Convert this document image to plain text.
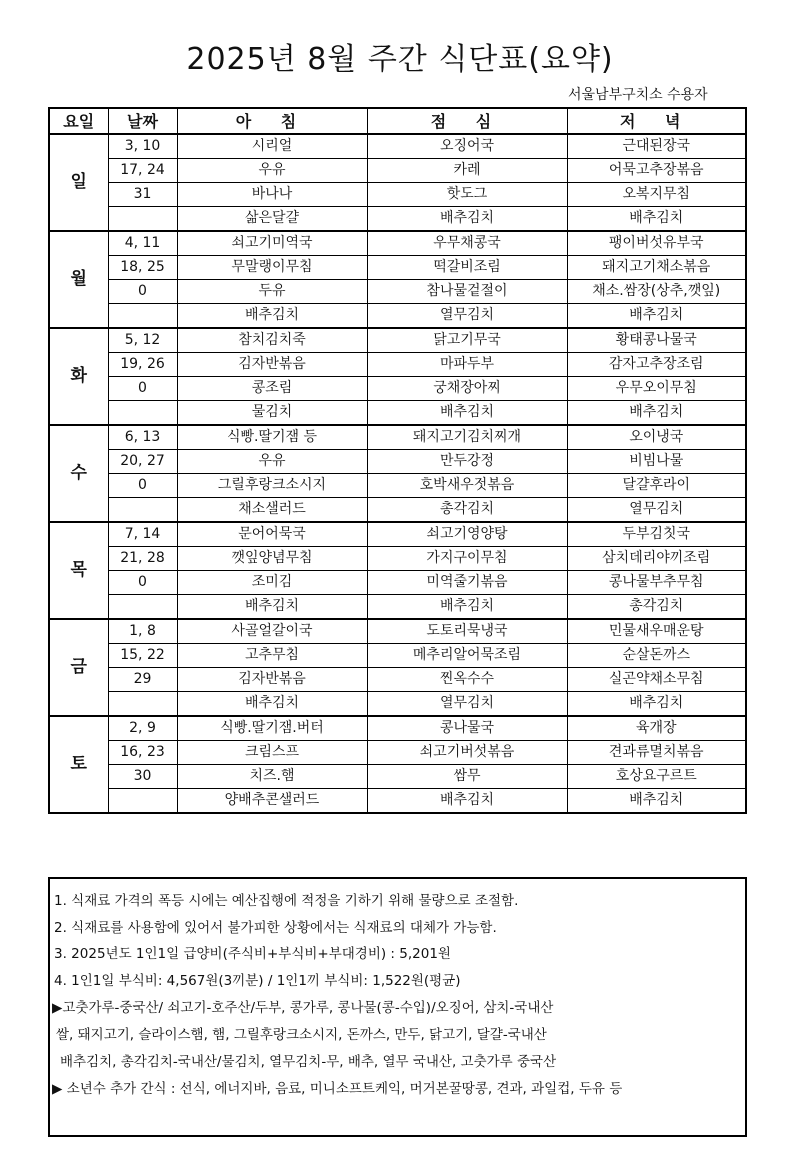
2025년 8월 주간 식단표(요약)
서울남부구치소 수용자
요일	날짜	아 침	점 심	저 녁
일	3, 10	시리얼	오징어국	근대된장국
	17, 24	우유	카레	어묵고추장볶음
	31	바나나	핫도그	오복지무침
		삶은달걀	배추김치	배추김치
월	4, 11	쇠고기미역국	우무채콩국	팽이버섯유부국
	18, 25	무말랭이무침	떡갈비조림	돼지고기채소볶음
	0	두유	참나물겉절이	채소.쌈장(상추,깻잎)
		배추김치	열무김치	배추김치
화	5, 12	참치김치죽	닭고기무국	황태콩나물국
	19, 26	김자반볶음	마파두부	감자고추장조림
	0	콩조림	궁채장아찌	우무오이무침
		물김치	배추김치	배추김치
수	6, 13	식빵.딸기잼 등	돼지고기김치찌개	오이냉국
	20, 27	우유	만두강정	비빔나물
	0	그릴후랑크소시지	호박새우젓볶음	달걀후라이
		채소샐러드	총각김치	열무김치
목	7, 14	문어어묵국	쇠고기영양탕	두부김칫국
	21, 28	깻잎양념무침	가지구이무침	삼치데리야끼조림
	0	조미김	미역줄기볶음	콩나물부추무침
		배추김치	배추김치	총각김치
금	1, 8	사골얼갈이국	도토리묵냉국	민물새우매운탕
	15, 22	고추무침	메추리알어묵조림	순살돈까스
	29	김자반볶음	찐옥수수	실곤약채소무침
		배추김치	열무김치	배추김치
토	2, 9	식빵.딸기잼.버터	콩나물국	육개장
	16, 23	크림스프	쇠고기버섯볶음	견과류멸치볶음
	30	치즈.햄	쌈무	호상요구르트
		양배추콘샐러드	배추김치	배추김치
1. 식재료 가격의 폭등 시에는 예산집행에 적정을 기하기 위해 물량으로 조절함.
2. 식재료를 사용함에 있어서 불가피한 상황에서는 식재료의 대체가 가능함.
3. 2025년도 1인1일 급양비(주식비+부식비+부대경비) : 5,201원
4. 1인1일 부식비: 4,567원(3끼분) / 1인1끼 부식비: 1,522원(평균)
▶고춧가루-중국산/ 쇠고기-호주산/두부, 콩가루, 콩나물(콩-수입)/오징어, 삼치-국내산
쌀, 돼지고기, 슬라이스햄, 햄, 그릴후랑크소시지, 돈까스, 만두, 닭고기, 달걀-국내산
배추김치, 총각김치-국내산/물김치, 열무김치-무, 배추, 열무 국내산, 고춧가루 중국산
▶ 소년수 추가 간식 : 선식, 에너지바, 음료, 미니소프트케익, 머거본꿀땅콩, 견과, 과일컵, 두유 등
